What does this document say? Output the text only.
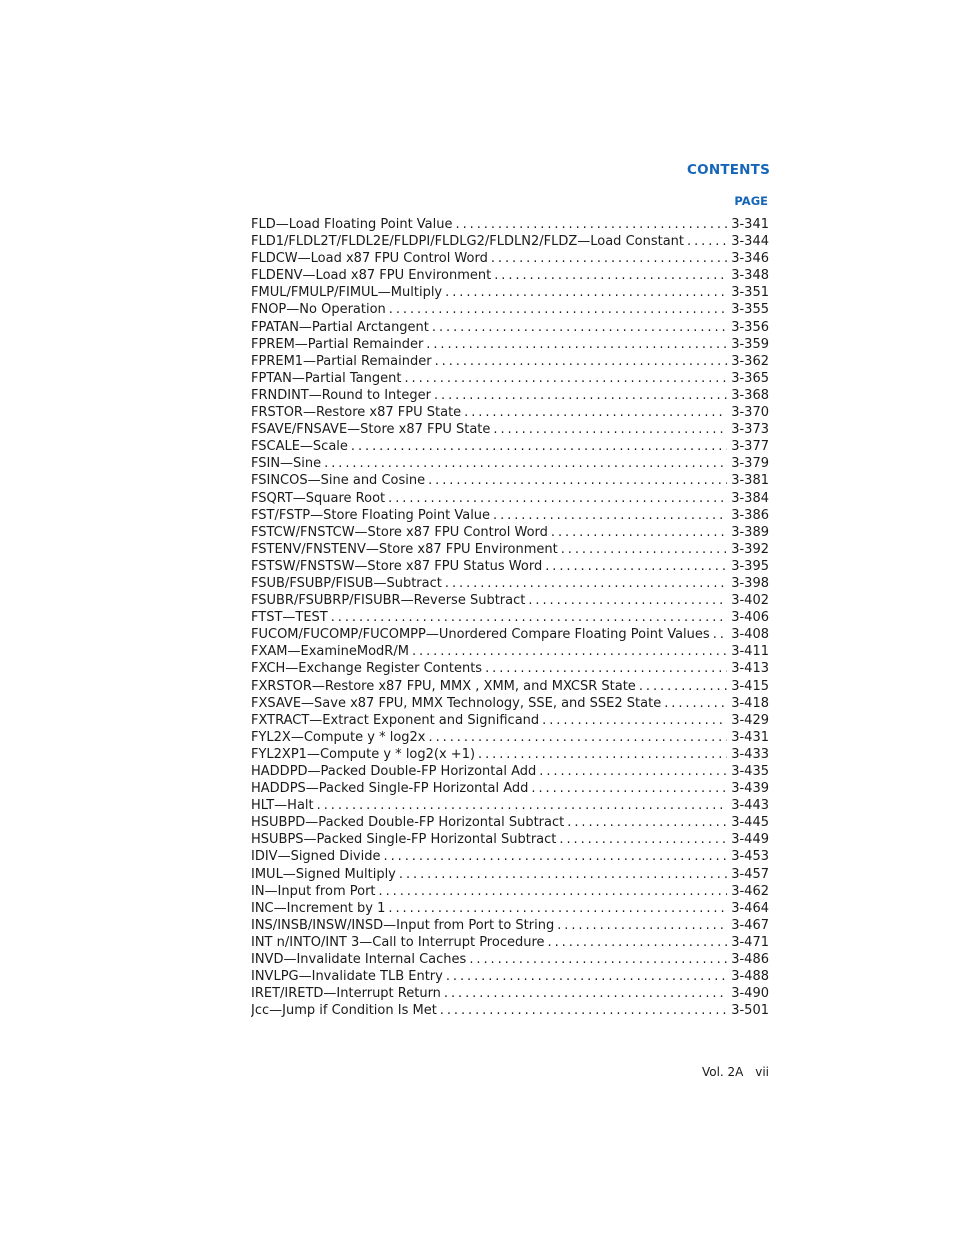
CONTENTS
PAGE
FLD—Load Floating Point Value . . .	3-341
FLD1/FLDL2T/FLDL2E/FLDPI/FLDLG2/FLDLN2/FLDZ—Load Constant . . .	3-344
FLDCW—Load x87 FPU Control Word . . .	3-346
FLDENV—Load x87 FPU Environment . . .	3-348
FMUL/FMULP/FIMUL—Multiply . . .	3-351
FNOP—No Operation . . .	3-355
FPATAN—Partial Arctangent . . .	3-356
FPREM—Partial Remainder . . .	3-359
FPREM1—Partial Remainder . . .	3-362
FPTAN—Partial Tangent . . .	3-365
FRNDINT—Round to Integer . . .	3-368
FRSTOR—Restore x87 FPU State . . .	3-370
FSAVE/FNSAVE—Store x87 FPU State . . .	3-373
FSCALE—Scale . . .	3-377
FSIN—Sine . . .	3-379
FSINCOS—Sine and Cosine . . .	3-381
FSQRT—Square Root . . .	3-384
FST/FSTP—Store Floating Point Value . . .	3-386
FSTCW/FNSTCW—Store x87 FPU Control Word . . .	3-389
FSTENV/FNSTENV—Store x87 FPU Environment . . .	3-392
FSTSW/FNSTSW—Store x87 FPU Status Word . . .	3-395
FSUB/FSUBP/FISUB—Subtract . . .	3-398
FSUBR/FSUBRP/FISUBR—Reverse Subtract . . .	3-402
FTST—TEST . . .	3-406
FUCOM/FUCOMP/FUCOMPP—Unordered Compare Floating Point Values . . .	3-408
FXAM—ExamineModR/M . . .	3-411
FXCH—Exchange Register Contents . . .	3-413
FXRSTOR—Restore x87 FPU, MMX , XMM, and MXCSR State . . .	3-415
FXSAVE—Save x87 FPU, MMX Technology, SSE, and SSE2 State . . .	3-418
FXTRACT—Extract Exponent and Significand . . .	3-429
FYL2X—Compute y * log2x . . .	3-431
FYL2XP1—Compute y * log2(x +1) . . .	3-433
HADDPD—Packed Double-FP Horizontal Add . . .	3-435
HADDPS—Packed Single-FP Horizontal Add . . .	3-439
HLT—Halt . . .	3-443
HSUBPD—Packed Double-FP Horizontal Subtract . . .	3-445
HSUBPS—Packed Single-FP Horizontal Subtract . . .	3-449
IDIV—Signed Divide . . .	3-453
IMUL—Signed Multiply . . .	3-457
IN—Input from Port . . .	3-462
INC—Increment by 1 . . .	3-464
INS/INSB/INSW/INSD—Input from Port to String . . .	3-467
INT n/INTO/INT 3—Call to Interrupt Procedure . . .	3-471
INVD—Invalidate Internal Caches . . .	3-486
INVLPG—Invalidate TLB Entry . . .	3-488
IRET/IRETD—Interrupt Return . . .	3-490
Jcc—Jump if Condition Is Met . . .	3-501
Vol. 2A vii
